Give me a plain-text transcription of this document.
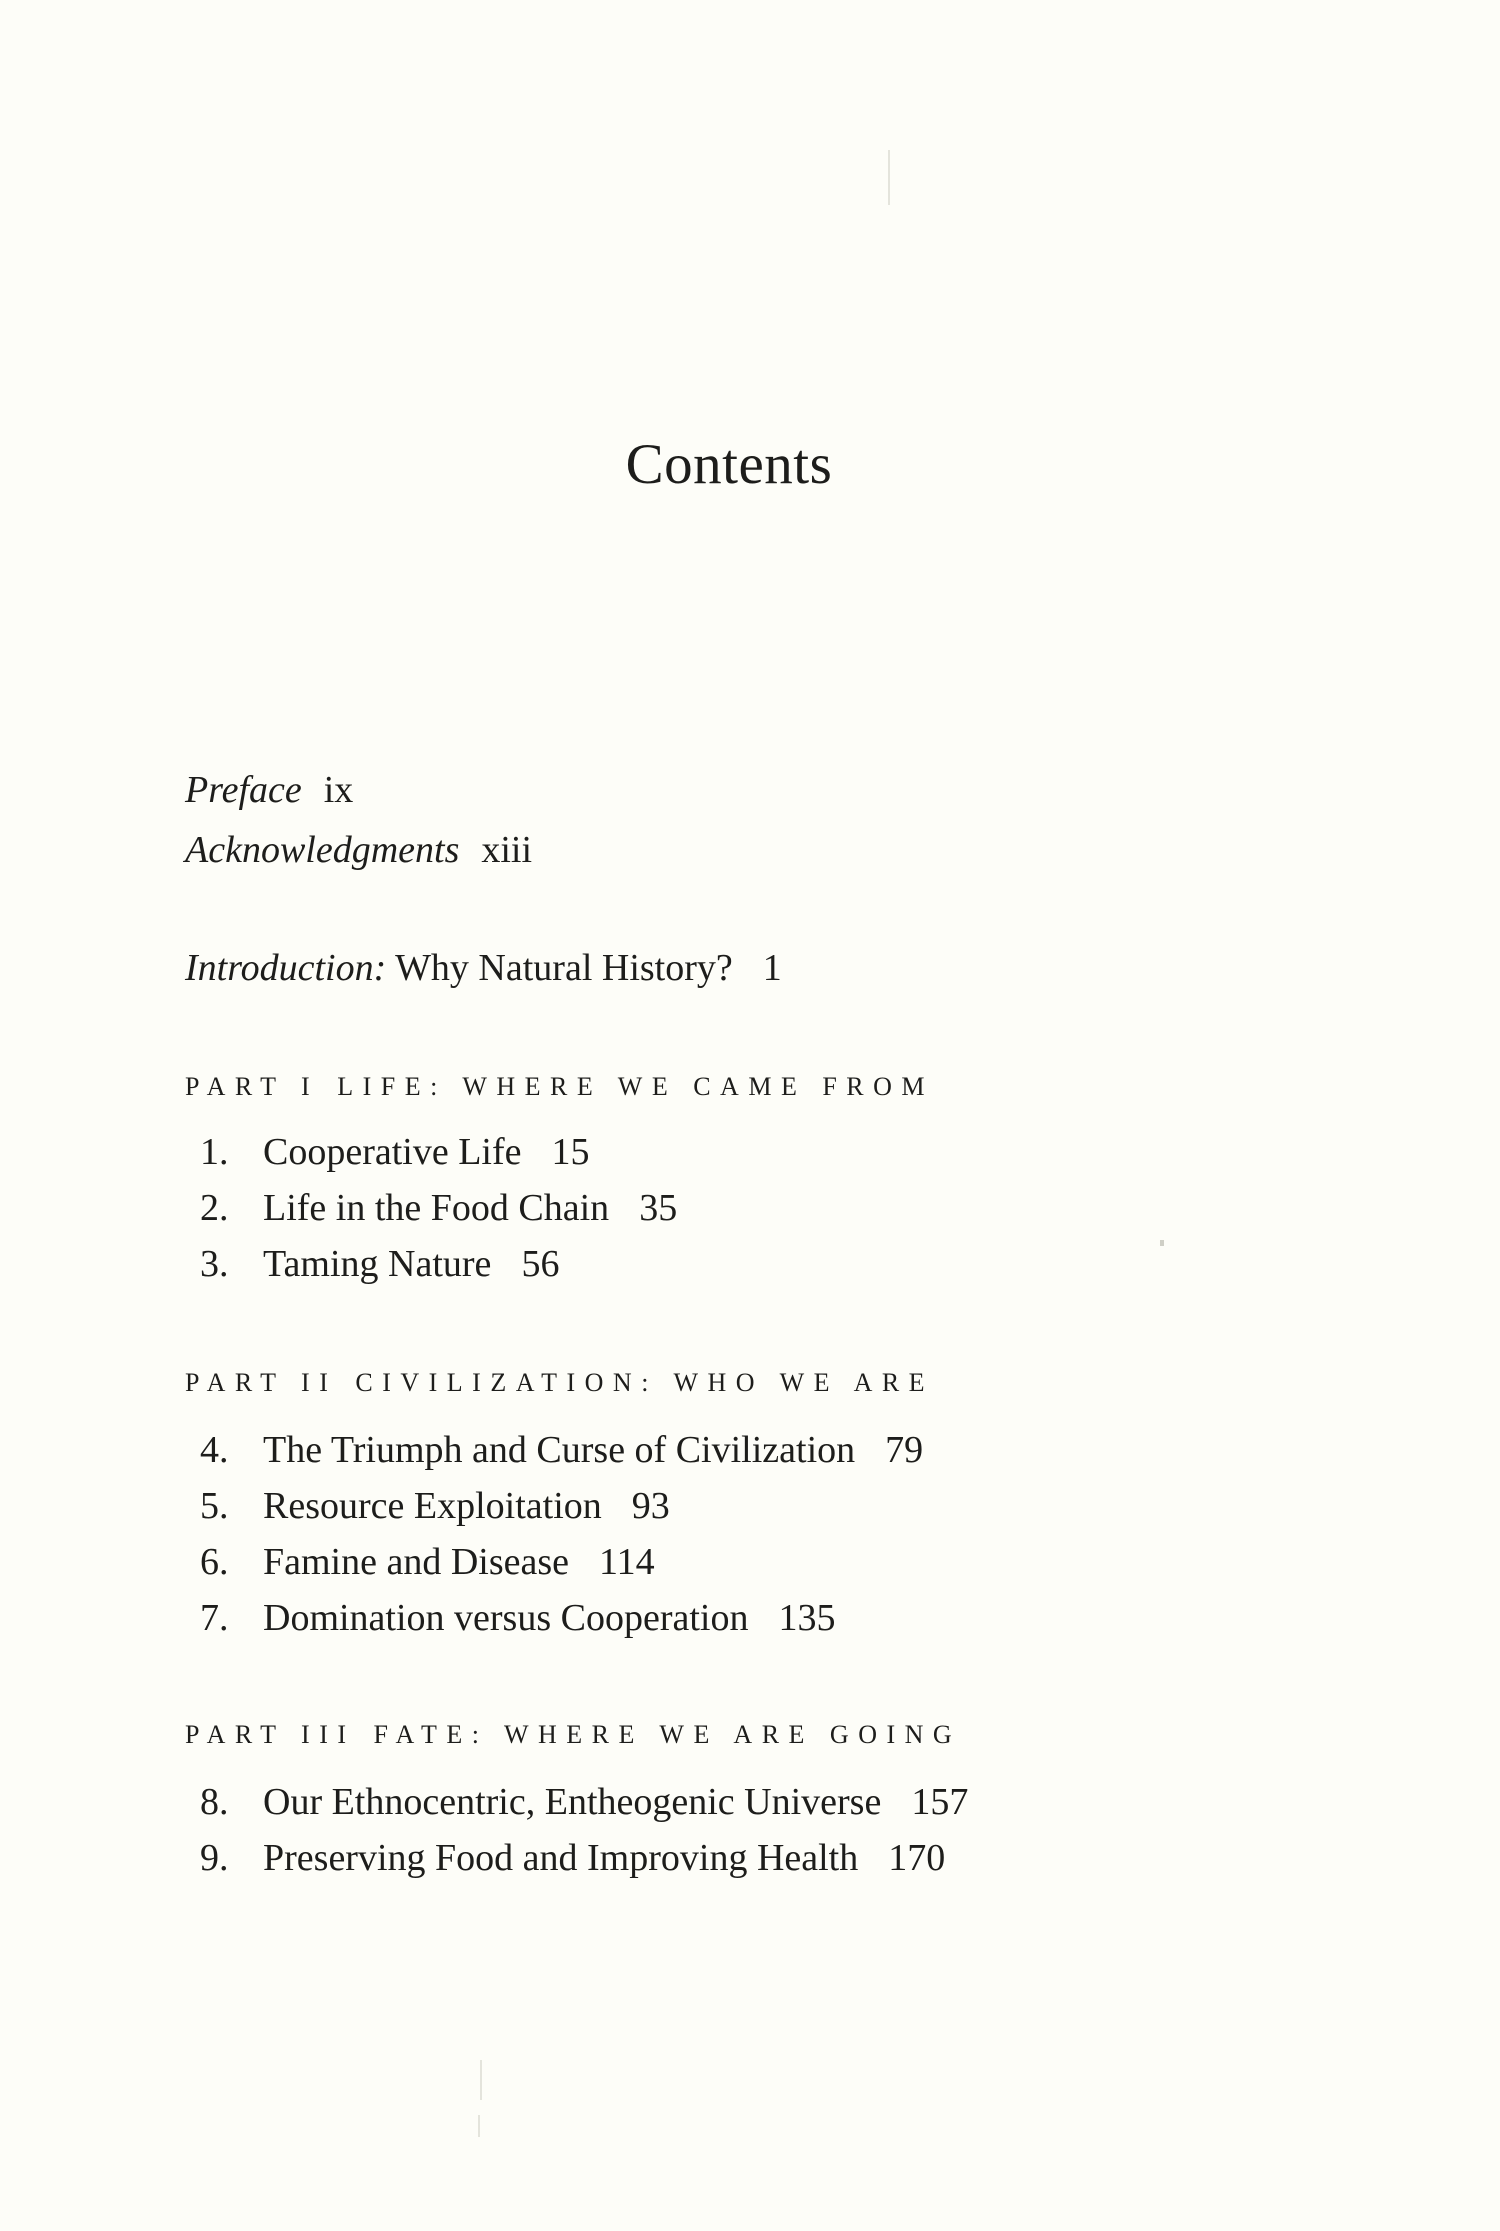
Contents
Preface ix
Acknowledgments xiii
Introduction: Why Natural History? 1
PART I LIFE: WHERE WE CAME FROM
1. Cooperative Life 15
2. Life in the Food Chain 35
3. Taming Nature 56
PART II CIVILIZATION: WHO WE ARE
4. The Triumph and Curse of Civilization 79
5. Resource Exploitation 93
6. Famine and Disease 114
7. Domination versus Cooperation 135
PART III FATE: WHERE WE ARE GOING
8. Our Ethnocentric, Entheogenic Universe 157
9. Preserving Food and Improving Health 170
